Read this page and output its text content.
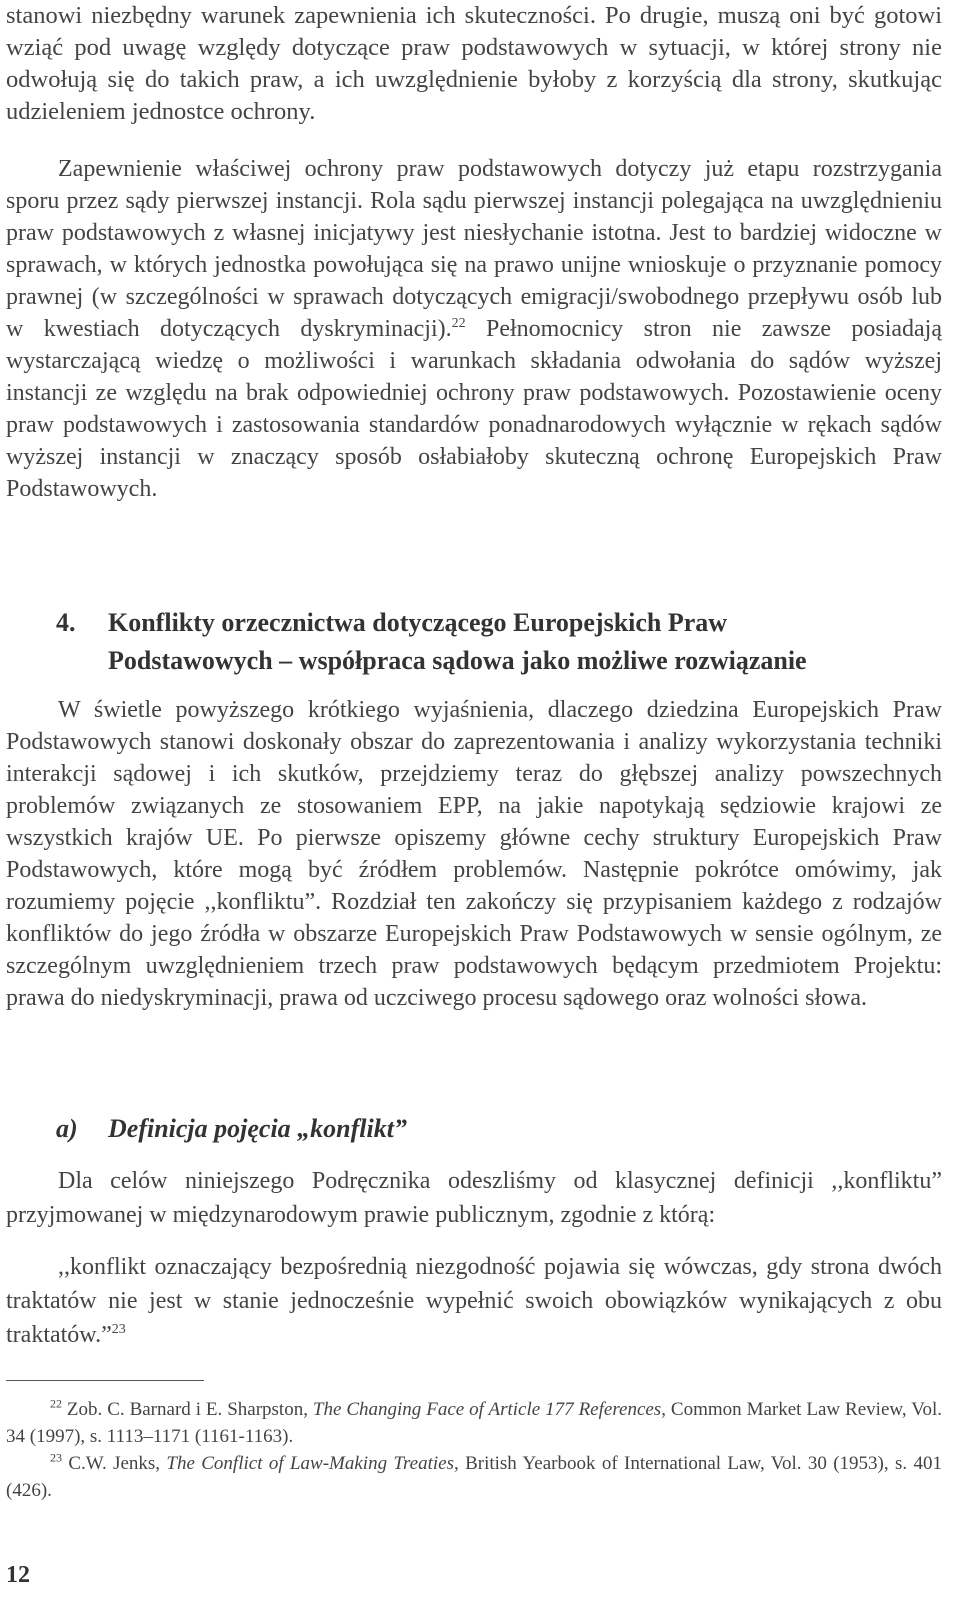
stanowi niezbędny warunek zapewnienia ich skuteczności. Po drugie, muszą oni być gotowi wziąć pod uwagę względy dotyczące praw podstawowych w sytuacji, w której strony nie odwołują się do takich praw, a ich uwzględnienie byłoby z korzyścią dla strony, skutkując udzieleniem jednostce ochrony.

Zapewnienie właściwej ochrony praw podstawowych dotyczy już etapu rozstrzygania sporu przez sądy pierwszej instancji. Rola sądu pierwszej instancji polegająca na uwzględnieniu praw podstawowych z własnej inicjatywy jest niesłychanie istotna. Jest to bardziej widoczne w sprawach, w których jednostka powołująca się na prawo unijne wnioskuje o przyznanie pomocy prawnej (w szczególności w sprawach dotyczących emigracji/swobodnego przepływu osób lub w kwestiach dotyczących dyskryminacji).$^{22}$ Pełnomocnicy stron nie zawsze posiadają wystarczającą wiedzę o możliwości i warunkach składania odwołania do sądów wyższej instancji ze względu na brak odpowiedniej ochrony praw podstawowych. Pozostawienie oceny praw podstawowych i zastosowania standardów ponadnarodowych wyłącznie w rękach sądów wyższej instancji w znaczący sposób osłabiałoby skuteczną ochronę Europejskich Praw Podstawowych.

4. Konflikty orzecznictwa dotyczącego Europejskich Praw
Podstawowych – współpraca sądowa jako możliwe rozwiązanie

W świetle powyższego krótkiego wyjaśnienia, dlaczego dziedzina Europejskich Praw Podstawowych stanowi doskonały obszar do zaprezentowania i analizy wykorzystania techniki interakcji sądowej i ich skutków, przejdziemy teraz do głębszej analizy powszechnych problemów związanych ze stosowaniem EPP, na jakie napotykają sędziowie krajowi ze wszystkich krajów UE. Po pierwsze opiszemy główne cechy struktury Europejskich Praw Podstawowych, które mogą być źródłem problemów. Następnie pokrótce omówimy, jak rozumiemy pojęcie ,,konfliktu”. Rozdział ten zakończy się przypisaniem każdego z rodzajów konfliktów do jego źródła w obszarze Europejskich Praw Podstawowych w sensie ogólnym, ze szczególnym uwzględnieniem trzech praw podstawowych będącym przedmiotem Projektu: prawa do niedyskryminacji, prawa od uczciwego procesu sądowego oraz wolności słowa.

a) Definicja pojęcia „konflikt”

Dla celów niniejszego Podręcznika odeszliśmy od klasycznej definicji ,,konfliktu” przyjmowanej w międzynarodowym prawie publicznym, zgodnie z którą:

,,konflikt oznaczający bezpośrednią niezgodność pojawia się wówczas, gdy strona dwóch traktatów nie jest w stanie jednocześnie wypełnić swoich obowiązków wynikających z obu traktatów.”$^{23}$

$^{22}$ Zob. C. Barnard i E. Sharpston, The Changing Face of Article 177 References, Common Market Law Review, Vol. 34 (1997), s. 1113–1171 (1161-1163).

$^{23}$ C.W. Jenks, The Conflict of Law-Making Treaties, British Yearbook of International Law, Vol. 30 (1953), s. 401 (426).

12
